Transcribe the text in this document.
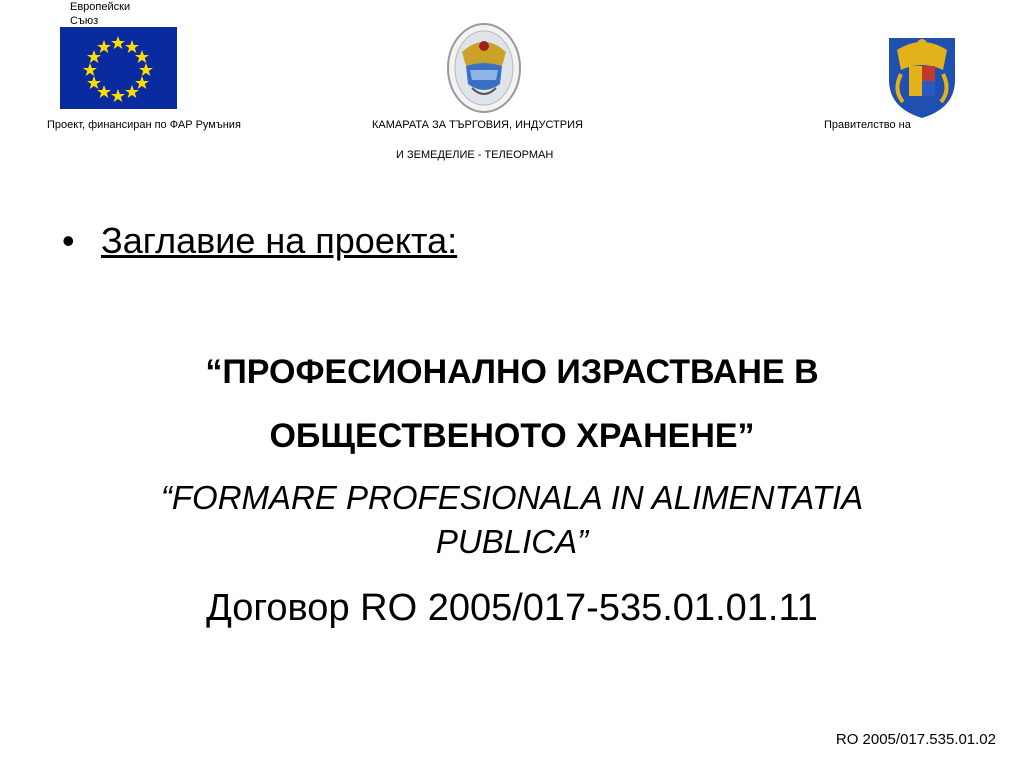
Европейски Съюз
Проект, финансиран по ФАР Румъния	КАМАРАТА ЗА ТЪРГОВИЯ, ИНДУСТРИЯ
И ЗЕМЕДЕЛИЕ - ТЕЛЕОРМАН
Правителство на
• Заглавие на проекта:
“ПРОФЕСИОНАЛНО ИЗРАСТВАНЕ В
ОБЩЕСТВЕНОТО ХРАНЕНЕ”
“FORMARE PROFESIONALA IN ALIMENTATIA
PUBLICA”
Договор RO 2005/017-535.01.01.11
RO 2005/017.535.01.02
